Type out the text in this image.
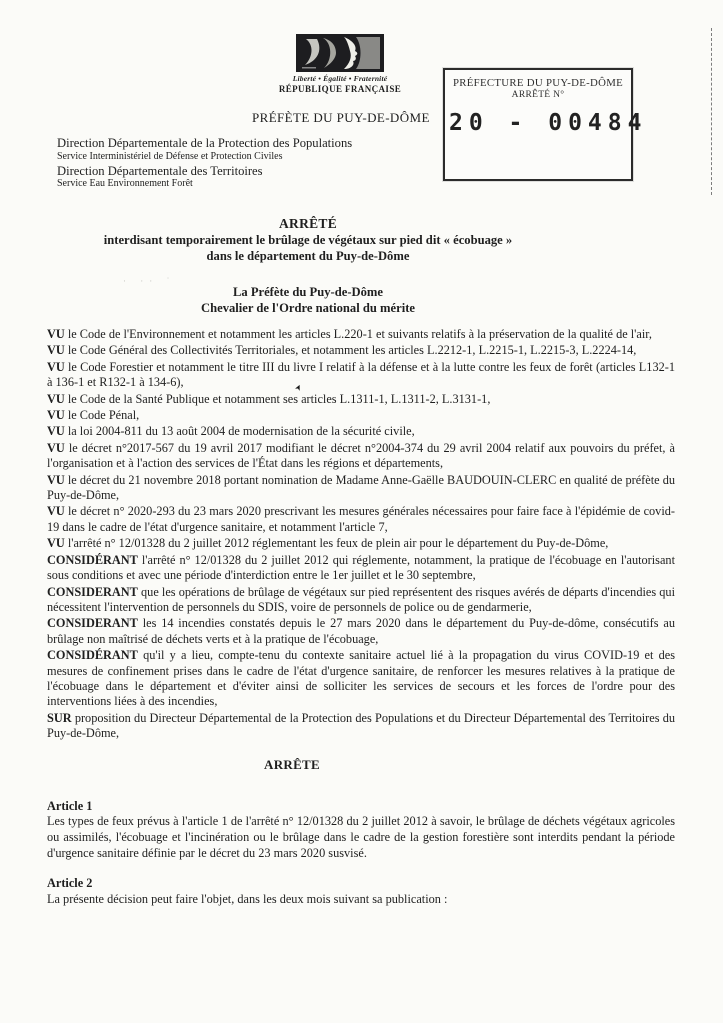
Liberté • Égalité • Fraternité
RÉPUBLIQUE FRANÇAISE	PRÉFECTURE DU PUY-DE-DÔME
ARRÊTÉ N°
20 - 00484
PRÉFÈTE DU PUY-DE-DÔME
Direction Départementale de la Protection des Populations
Service Interministériel de Défense et Protection Civiles
Direction Départementale des Territoires
Service Eau Environnement Forêt
· ·· ˙
➤
ARRÊTÉ
interdisant temporairement le brûlage de végétaux sur pied dit « écobuage »
dans le département du Puy-de-Dôme
La Préfète du Puy-de-Dôme
Chevalier de l'Ordre national du mérite

VU le Code de l'Environnement et notamment les articles L.220-1 et suivants relatifs à la préservation de la qualité de l'air,

VU le Code Général des Collectivités Territoriales, et notamment les articles L.2212-1, L.2215-1, L.2215-3, L.2224-14,

VU le Code Forestier et notamment le titre III du livre I relatif à la défense et à la lutte contre les feux de forêt (articles L132-1 à 136-1 et R132-1 à 134-6),

VU le Code de la Santé Publique et notamment ses articles L.1311-1, L.1311-2, L.3131-1,

VU le Code Pénal,

VU la loi 2004-811 du 13 août 2004 de modernisation de la sécurité civile,

VU le décret n°2017-567 du 19 avril 2017 modifiant le décret n°2004-374 du 29 avril 2004 relatif aux pouvoirs du préfet, à l'organisation et à l'action des services de l'État dans les régions et départements,

VU le décret du 21 novembre 2018 portant nomination de Madame Anne-Gaëlle BAUDOUIN-CLERC en qualité de préfète du Puy-de-Dôme,

VU le décret n° 2020-293 du 23 mars 2020 prescrivant les mesures générales nécessaires pour faire face à l'épidémie de covid-19 dans le cadre de l'état d'urgence sanitaire, et notamment l'article 7,

VU l'arrêté n° 12/01328 du 2 juillet 2012 réglementant les feux de plein air pour le département du Puy-de-Dôme,

CONSIDÉRANT l'arrêté n° 12/01328 du 2 juillet 2012 qui réglemente, notamment, la pratique de l'écobuage en l'autorisant sous conditions et avec une période d'interdiction entre le 1er juillet et le 30 septembre,

CONSIDERANT que les opérations de brûlage de végétaux sur pied représentent des risques avérés de départs d'incendies qui nécessitent l'intervention de personnels du SDIS, voire de personnels de police ou de gendarmerie,

CONSIDERANT les 14 incendies constatés depuis le 27 mars 2020 dans le département du Puy-de-dôme, consécutifs au brûlage non maîtrisé de déchets verts et à la pratique de l'écobuage,

CONSIDÉRANT qu'il y a lieu, compte-tenu du contexte sanitaire actuel lié à la propagation du virus COVID-19 et des mesures de confinement prises dans le cadre de l'état d'urgence sanitaire, de renforcer les mesures relatives à la pratique de l'écobuage dans le département et d'éviter ainsi de solliciter les services de secours et les forces de l'ordre pour des interventions liées à des incendies,

SUR proposition du Directeur Départemental de la Protection des Populations et du Directeur Départemental des Territoires du Puy-de-Dôme,

ARRÊTE
Article 1

Les types de feux prévus à l'article 1 de l'arrêté n° 12/01328 du 2 juillet 2012 à savoir, le brûlage de déchets végétaux agricoles ou assimilés, l'écobuage et l'incinération ou le brûlage dans le cadre de la gestion forestière sont interdits pendant la période d'urgence sanitaire définie par le décret du 23 mars 2020 susvisé.

Article 2

La présente décision peut faire l'objet, dans les deux mois suivant sa publication :
